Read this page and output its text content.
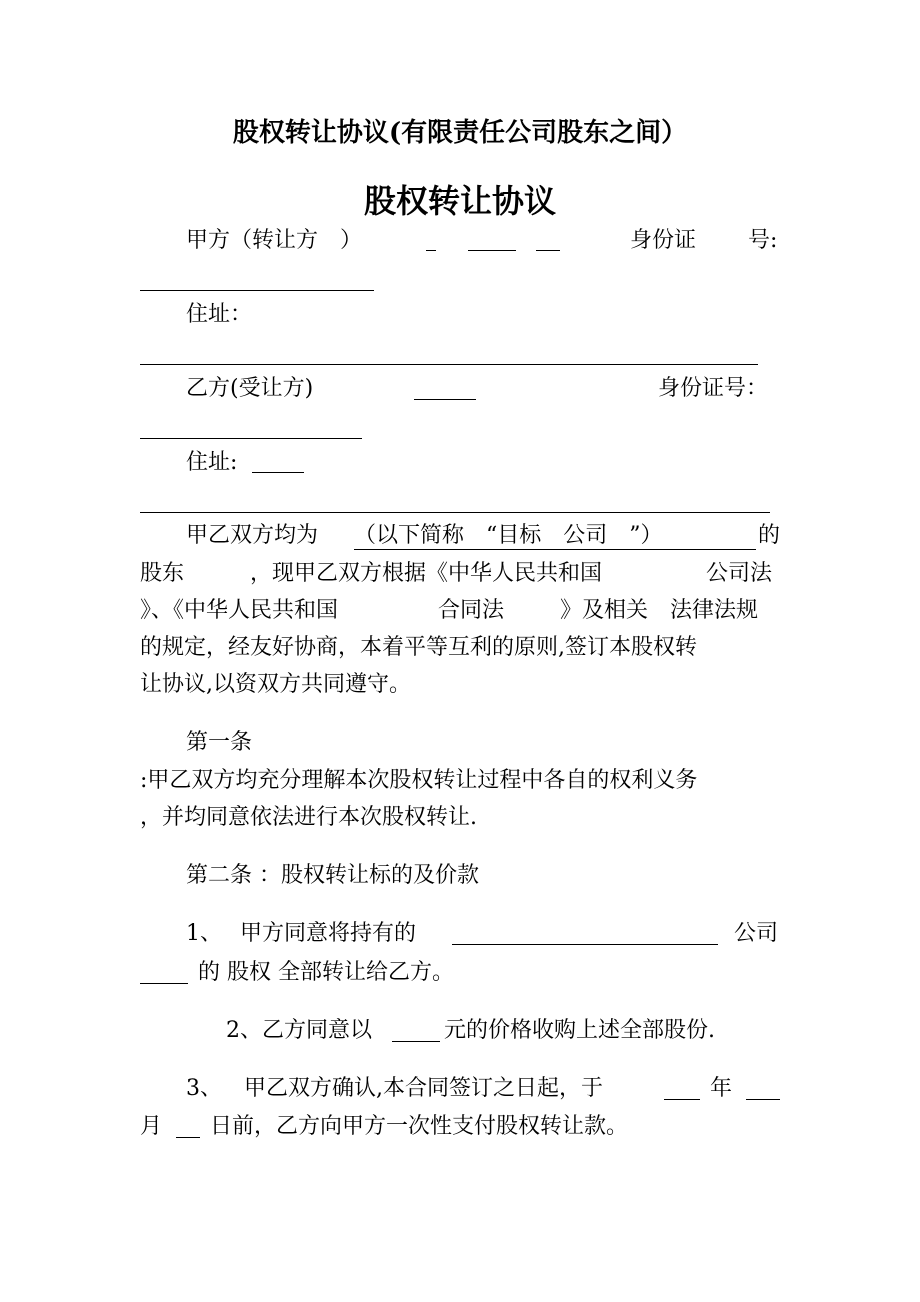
股权转让协议(有限责任公司股东之间）
股权转让协议
甲方（转让方　）	身份证 号:
住址：
乙方(受让方)	身份证号：
住址:
甲乙双方均为 （以下简称　“目标　公司　”）	的
股东	，现甲乙双方根据《中华人民共和国	公司法
》、《中华人民共和国	合同法	》及相关　法律法规
的规定，经友好协商，本着平等互利的原则,签订本股权转
让协议,以资双方共同遵守。
第一条
:甲乙双方均充分理解本次股权转让过程中各自的权利义务
，并均同意依法进行本次股权转让.
第二条 ：股权转让标的及价款
1、 甲方同意将持有的	公司
的 股权 全部转让给乙方。
2、乙方同意以	元的价格收购上述全部股份.
3、 甲乙双方确认,本合同签订之日起，于	年
月 日前，乙方向甲方一次性支付股权转让款。
